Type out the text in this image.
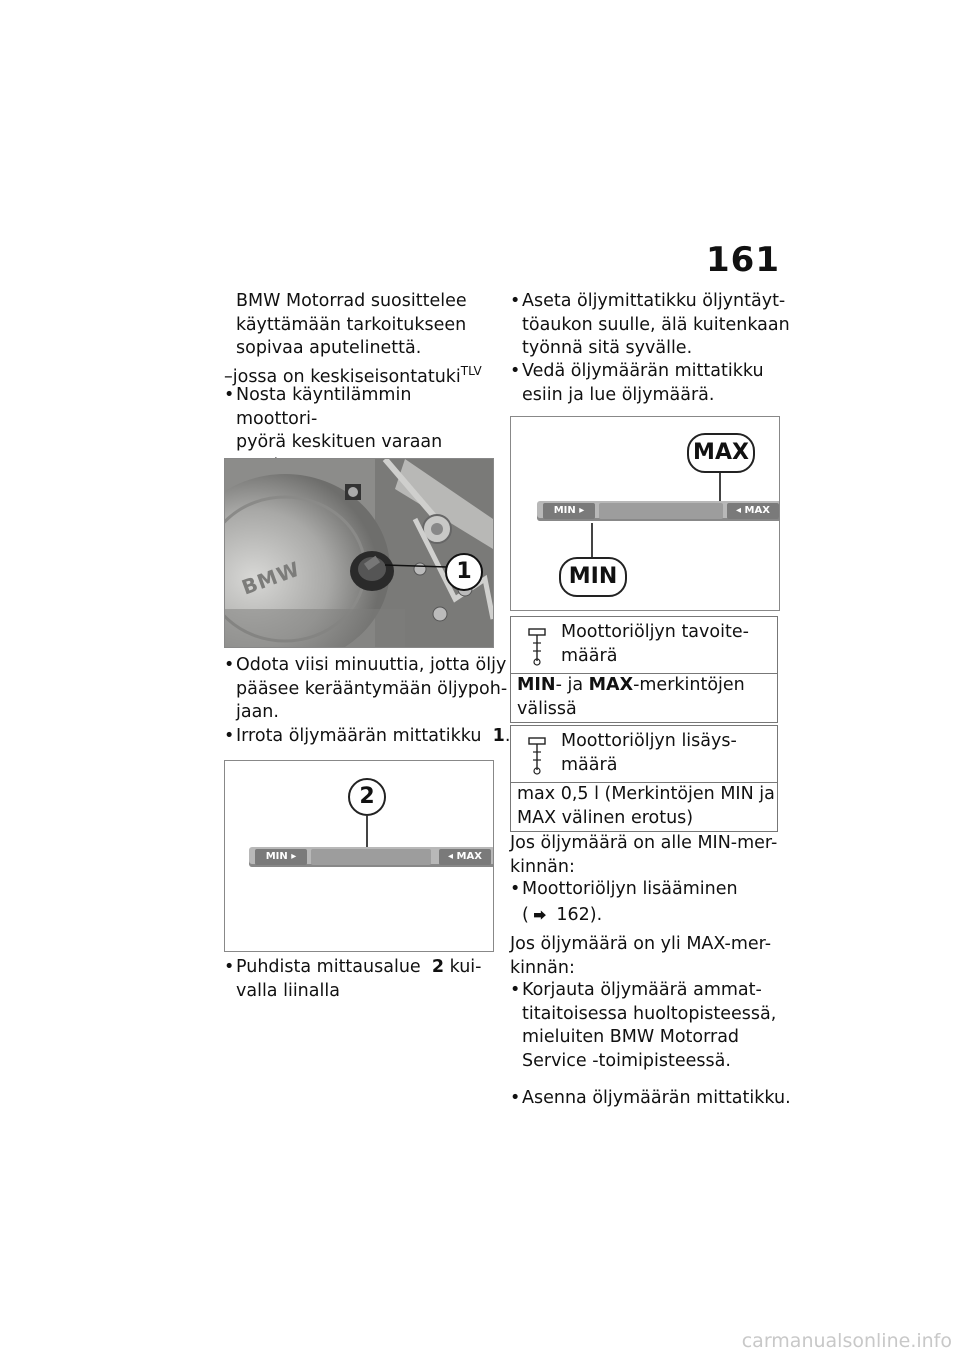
161
BMW Motorrad suosittelee
käyttämään tarkoitukseen
sopivaa aputelinettä.
–jossa on keskiseisontatuki$^{TLV}$
• Nosta käyntilämmin moottori-
pyörä keskituen varaan
BMW	1
• Odota viisi minuuttia, jotta öljy
pääsee kerääntymään öljypoh-
jaan.
• Irrota öljymäärän mittatikku 1.
2
MIN ▸	◂ MAX
• Puhdista mittausalue 2 kui-
valla liinalla
• Aseta öljymittatikku öljyntäyt-
töaukon suulle, älä kuitenkaan
työnnä sitä syvälle.
• Vedä öljymäärän mittatikku
esiin ja lue öljymäärä.
MAX
MIN ▸	◂ MAX
MIN
Moottoriöljyn tavoite-
määrä
MIN- ja MAX-merkintöjen
välissä
Moottoriöljyn lisäys-
määrä
max 0,5 l (Merkintöjen MIN ja
MAX välinen erotus)
Jos öljymäärä on alle MIN-mer-
kinnän:
• Moottoriöljyn lisääminen
( ⮕ 162).
Jos öljymäärä on yli MAX-mer-
kinnän:
• Korjauta öljymäärä ammat-
titaitoisessa huoltopisteessä,
mieluiten BMW Motorrad
Service -toimipisteessä.
• Asenna öljymäärän mittatikku.
carmanualsonline.info
